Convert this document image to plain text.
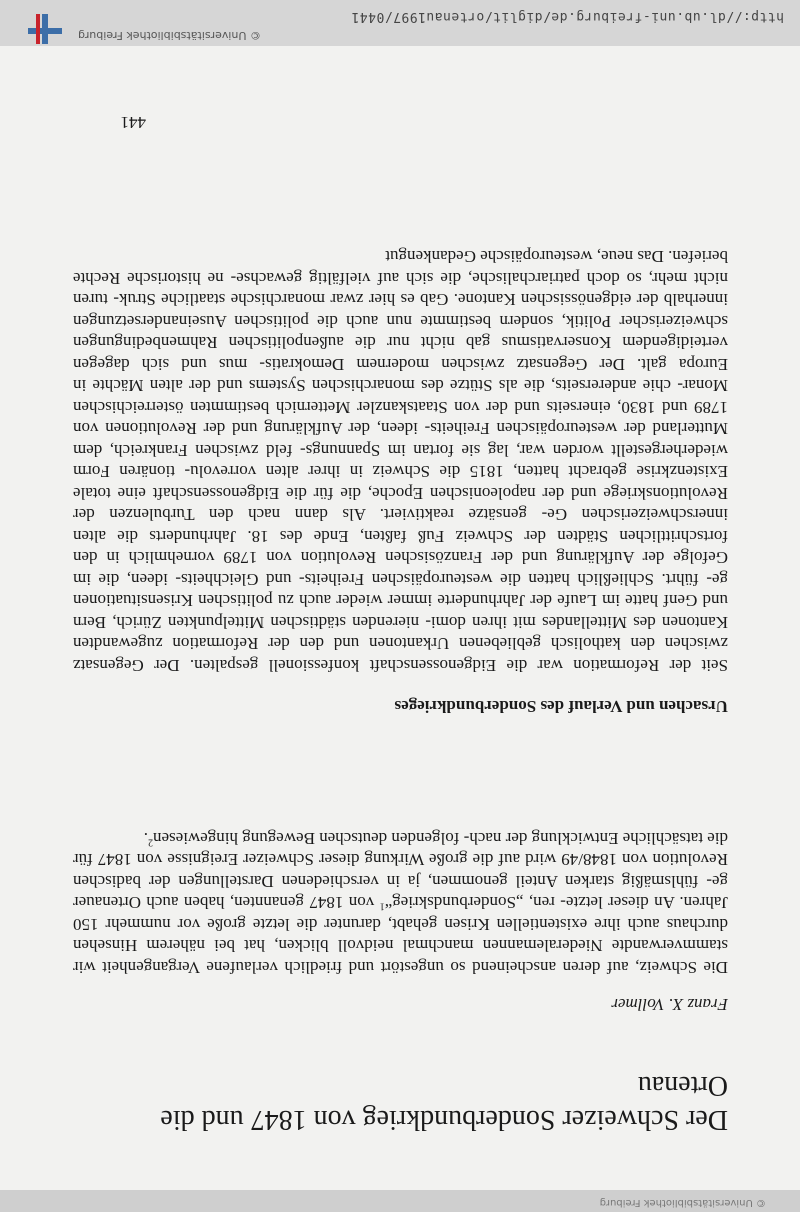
© Universitätsbibliothek Freiburg
Der Schweizer Sonderbundkrieg von 1847 und die Ortenau
Franz X. Vollmer

Die Schweiz, auf deren anscheinend so ungestört und friedlich verlaufene Vergangenheit wir stammverwandte Niederalemannen manchmal neidvoll blicken, hat bei näherem Hinsehen durchaus auch ihre existentiellen Krisen gehabt, darunter die letzte große vor nummehr 150 Jahren. An dieser letzte- ren, „Sonderbundskrieg“$^1$ von 1847 genannten, haben auch Ortenauer ge- fühlsmäßig starken Anteil genommen, ja in verschiedenen Darstellungen der badischen Revolution von 1848/49 wird auf die große Wirkung dieser Schweizer Ereignisse von 1847 für die tatsächliche Entwicklung der nach- folgenden deutschen Bewegung hingewiesen$^2$.

Ursachen und Verlauf des Sonderbundkrieges

Seit der Reformation war die Eidgenossenschaft konfessionell gespalten. Der Gegensatz zwischen den katholisch gebliebenen Urkantonen und den der Reformation zugewandten Kantonen des Mittellandes mit ihren domi- nierenden städtischen Mittelpunkten Zürich, Bern und Genf hatte im Laufe der Jahrhunderte immer wieder auch zu politischen Krisensituationen ge- führt. Schließlich hatten die westeuropäischen Freiheits- und Gleichheits- ideen, die im Gefolge der Aufklärung und der Französischen Revolution von 1789 vornehmlich in den fortschrittlichen Städten der Schweiz Fuß faßten, Ende des 18. Jahrhunderts die alten innerschweizerischen Ge- gensätze reaktiviert. Als dann nach den Turbulenzen der Revolutionskriege und der napoleonischen Epoche, die für die Eidgenossenschaft eine totale Existenzkrise gebracht hatten, 1815 die Schweiz in ihrer alten vorrevolu- tionären Form wiederhergestellt worden war, lag sie fortan im Spannungs- feld zwischen Frankreich, dem Mutterland der westeuropäischen Freiheits- ideen, der Aufklärung und der Revolutionen von 1789 und 1830, einerseits und der von Staatskanzler Metternich bestimmten österreichischen Monar- chie andererseits, die als Stütze des monarchischen Systems und der alten Mächte in Europa galt. Der Gegensatz zwischen modernem Demokratis- mus und sich dagegen verteidigendem Konservatismus gab nicht nur die außenpolitischen Rahmenbedingungen schweizerischer Politik, sondern bestimmte nun auch die politischen Auseinandersetzungen innerhalb der eidgenössischen Kantone. Gab es hier zwar monarchische staatliche Struk- turen nicht mehr, so doch patriarchalische, die sich auf vielfältig gewachse- ne historische Rechte beriefen. Das neue, westeuropäische Gedankengut

441
http://dl.ub.uni-freiburg.de/diglit/ortenau1997/0441
© Universitätsbibliothek Freiburg
